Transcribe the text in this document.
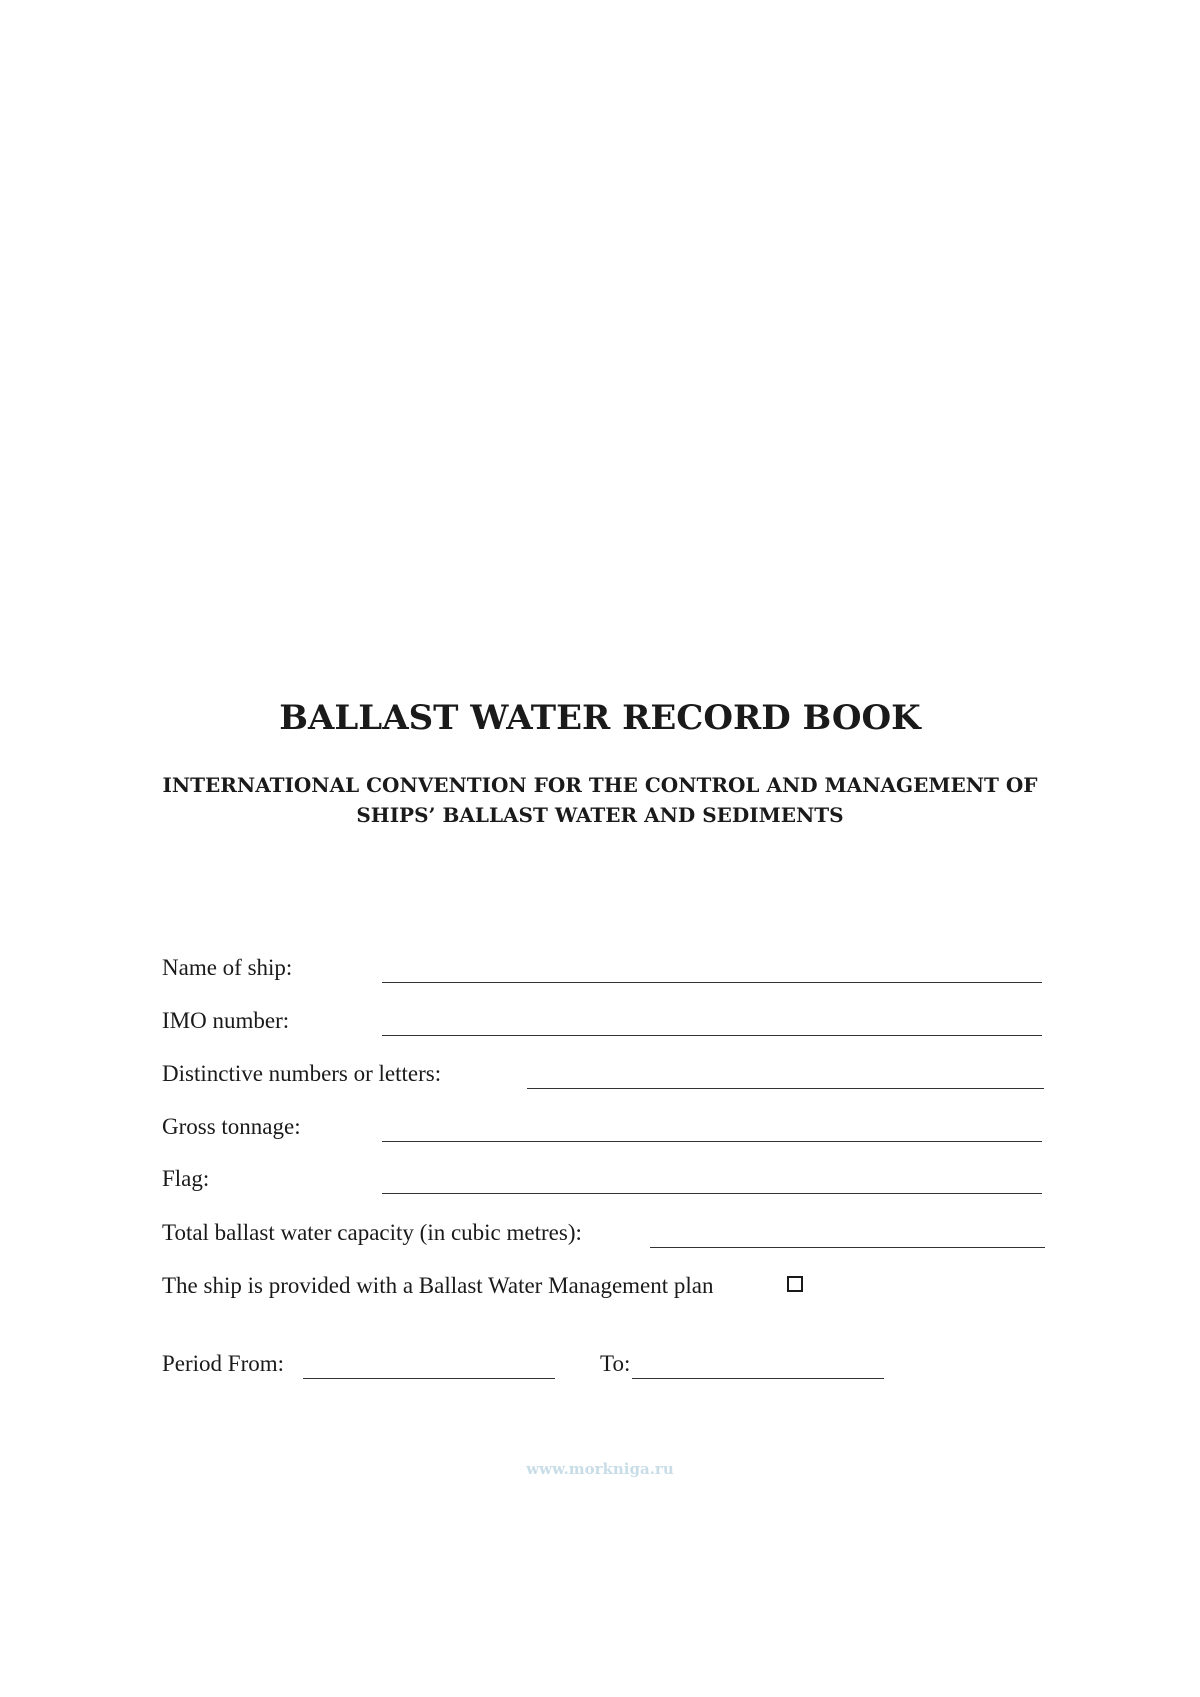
BALLAST WATER RECORD BOOK
INTERNATIONAL CONVENTION FOR THE CONTROL AND MANAGEMENT OF
SHIPS’ BALLAST WATER AND SEDIMENTS
Name of ship:
IMO number:
Distinctive numbers or letters:
Gross tonnage:
Flag:
Total ballast water capacity (in cubic metres):
The ship is provided with a Ballast Water Management plan
Period From:	To:
www.morkniga.ru
